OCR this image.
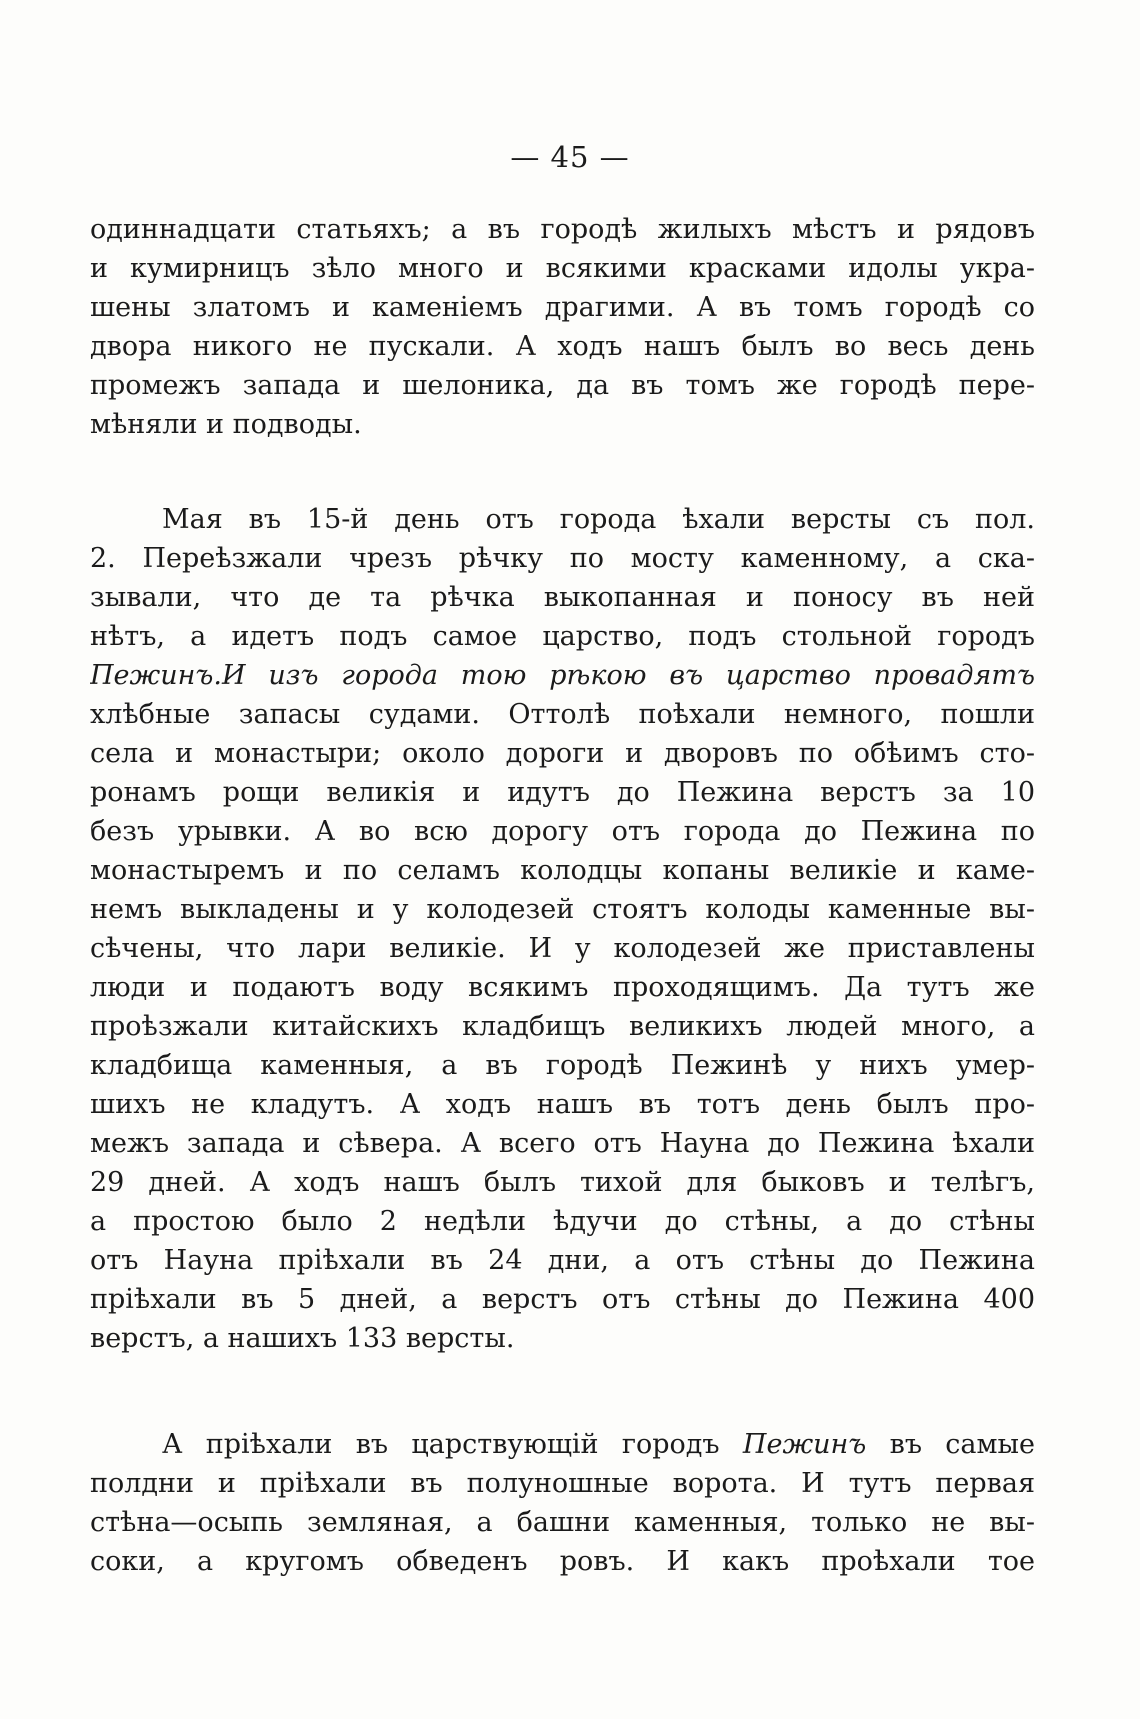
— 45 —
одиннадцати статьяхъ; а въ городѣ жилыхъ мѣстъ и рядовъ
и кумирницъ зѣло много и всякими красками идолы укра-
шены златомъ и каменіемъ драгими. А въ томъ городѣ со
двора никого не пускали. А ходъ нашъ былъ во весь день
промежъ запада и шелоника, да въ томъ же городѣ пере-
мѣняли и подводы.
Мая въ 15-й день отъ города ѣхали версты съ пол.
2. Переѣзжали чрезъ рѣчку по мосту каменному, а ска-
зывали, что де та рѣчка выкопанная и поносу въ ней
нѣтъ, а идетъ подъ самое царство, подъ стольной городъ
Пежинъ.И изъ города тою рѣкою въ царство провадятъ
хлѣбные запасы судами. Оттолѣ поѣхали немного, пошли
села и монастыри; около дороги и дворовъ по обѣимъ сто-
ронамъ рощи великія и идутъ до Пежина верстъ за 10
безъ урывки. А во всю дорогу отъ города до Пежина по
монастыремъ и по селамъ колодцы копаны великіе и каме-
немъ выкладены и у колодезей стоятъ колоды каменные вы-
сѣчены, что лари великіе. И у колодезей же приставлены
люди и подаютъ воду всякимъ проходящимъ. Да тутъ же
проѣзжали китайскихъ кладбищъ великихъ людей много, а
кладбища каменныя, а въ городѣ Пежинѣ у нихъ умер-
шихъ не кладутъ. А ходъ нашъ въ тотъ день былъ про-
межъ запада и сѣвера. А всего отъ Науна до Пежина ѣхали
29 дней. А ходъ нашъ былъ тихой для быковъ и телѣгъ,
а простою было 2 недѣли ѣдучи до стѣны, а до стѣны
отъ Науна пріѣхали въ 24 дни, а отъ стѣны до Пежина
пріѣхали въ 5 дней, а верстъ отъ стѣны до Пежина 400
верстъ, а нашихъ 133 версты.
А пріѣхали въ царствующій городъ Пежинъ въ самые
полдни и пріѣхали въ полуношные ворота. И тутъ первая
стѣна—осыпь земляная, а башни каменныя, только не вы-
соки, а кругомъ обведенъ ровъ. И какъ проѣхали тое
